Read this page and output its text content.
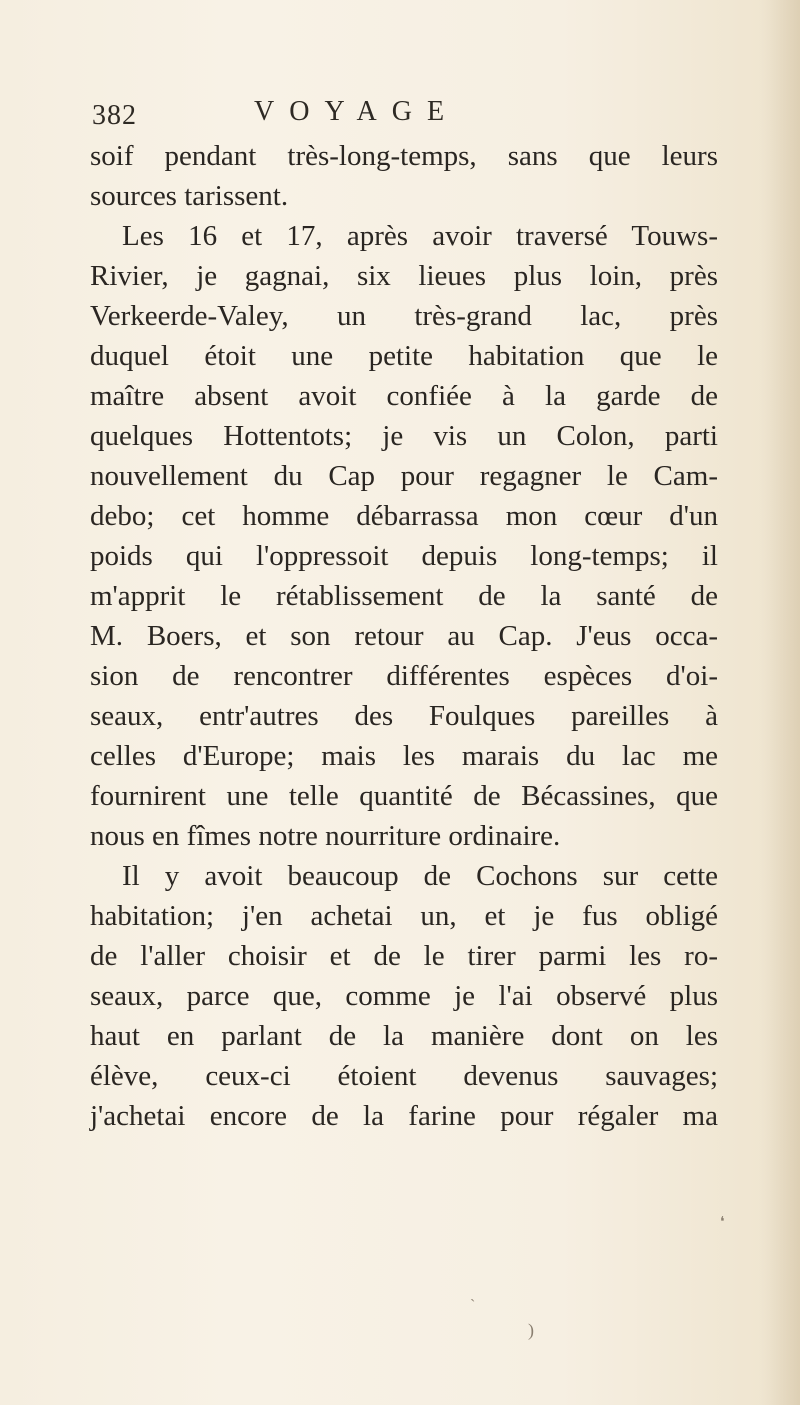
382	VOYAGE

soif pendant très-long-temps, sans que leurs
sources tarissent.

Les 16 et 17, après avoir traversé Touws-
Rivier, je gagnai, six lieues plus loin, près
Verkeerde-Valey, un très-grand lac, près
duquel étoit une petite habitation que le
maître absent avoit confiée à la garde de
quelques Hottentots; je vis un Colon, parti
nouvellement du Cap pour regagner le Cam-
debo; cet homme débarrassa mon cœur d'un
poids qui l'oppressoit depuis long-temps; il
m'apprit le rétablissement de la santé de
M. Boers, et son retour au Cap. J'eus occa-
sion de rencontrer différentes espèces d'oi-
seaux, entr'autres des Foulques pareilles à
celles d'Europe; mais les marais du lac me
fournirent une telle quantité de Bécassines, que
nous en fîmes notre nourriture ordinaire.

Il y avoit beaucoup de Cochons sur cette
habitation; j'en achetai un, et je fus obligé
de l'aller choisir et de le tirer parmi les ro-
seaux, parce que, comme je l'ai observé plus
haut en parlant de la manière dont on les
élève, ceux-ci étoient devenus sauvages;
j'achetai encore de la farine pour régaler ma

❛
˴
)
